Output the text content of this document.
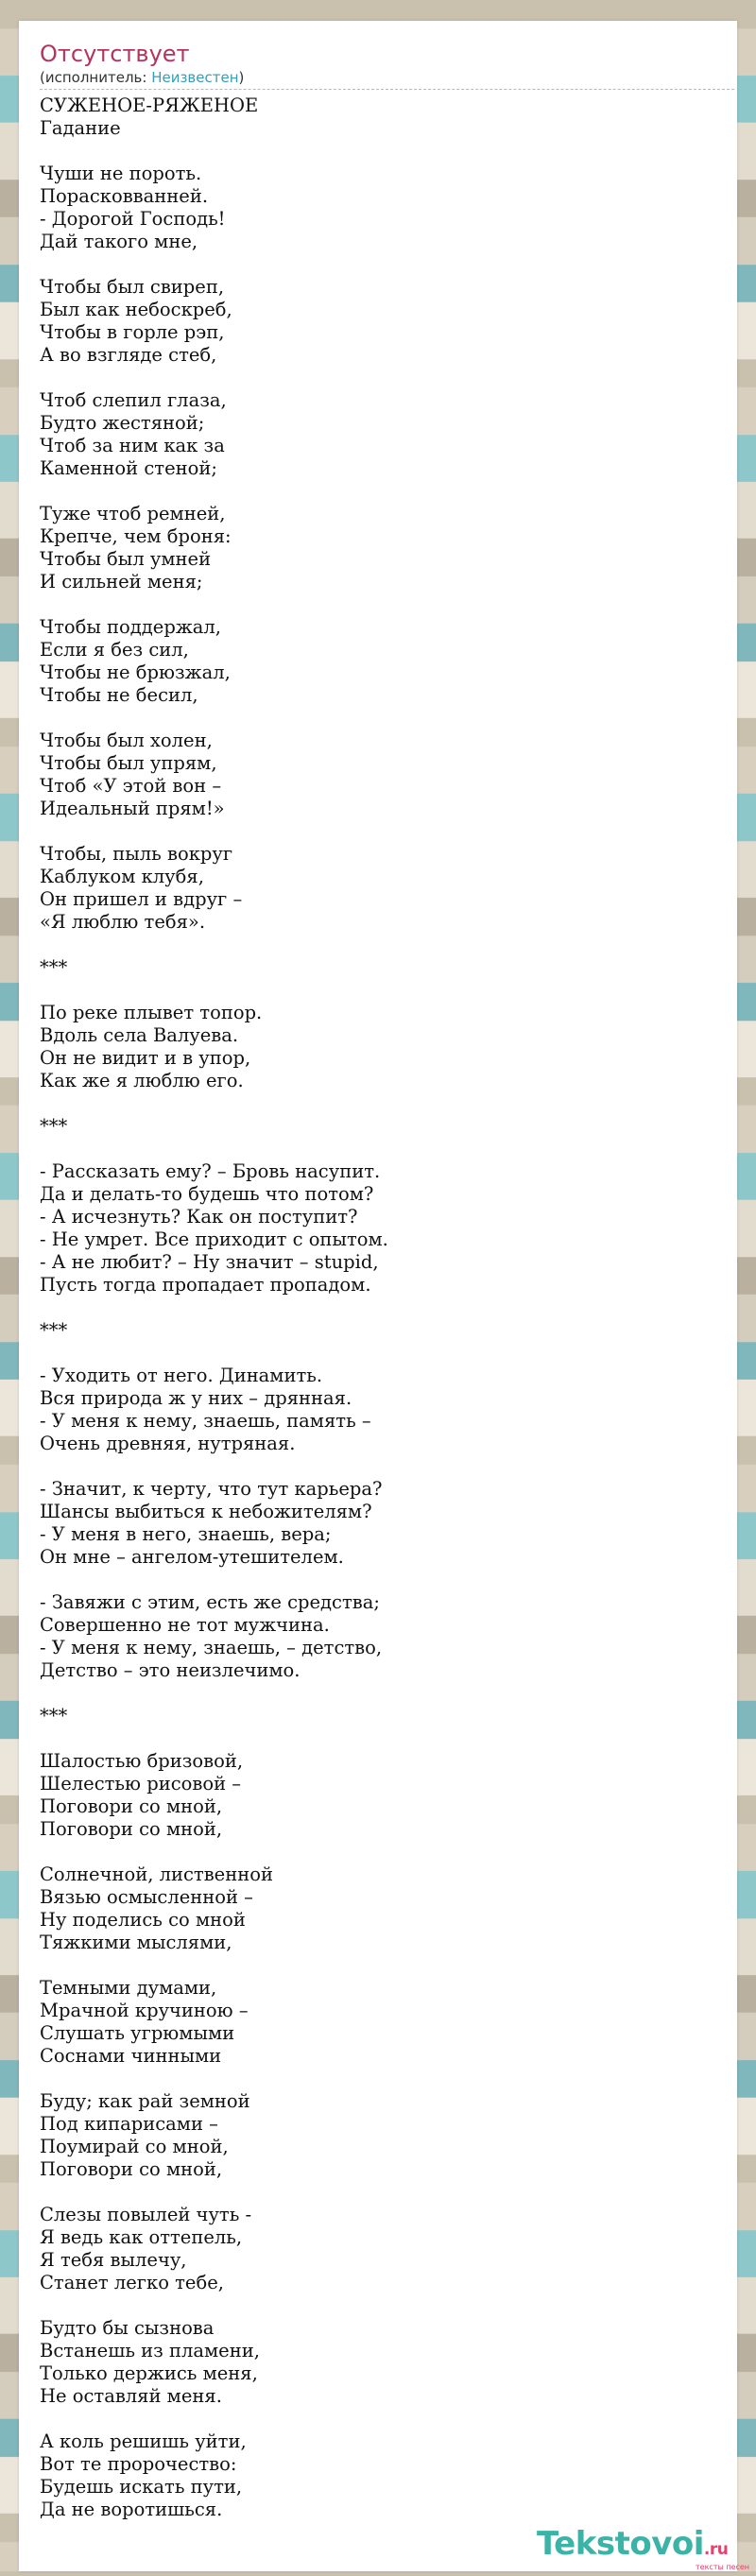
Отсутствует
(исполнитель: Неизвестен)
СУЖЕНОЕ-РЯЖЕНОЕ
Гадание
Чуши не пороть.
Порасковванней.
- Дорогой Господь!
Дай такого мне,
Чтобы был свиреп,
Был как небоскреб,
Чтобы в горле рэп,
А во взгляде стеб,
Чтоб слепил глаза,
Будто жестяной;
Чтоб за ним как за
Каменной стеной;
Туже чтоб ремней,
Крепче, чем броня:
Чтобы был умней
И сильней меня;
Чтобы поддержал,
Если я без сил,
Чтобы не брюзжал,
Чтобы не бесил,
Чтобы был холен,
Чтобы был упрям,
Чтоб «У этой вон –
Идеальный прям!»
Чтобы, пыль вокруг
Каблуком клубя,
Он пришел и вдруг –
«Я люблю тебя».
***
По реке плывет топор.
Вдоль села Валуева.
Он не видит и в упор,
Как же я люблю его.
***
- Рассказать ему? – Бровь насупит.
Да и делать-то будешь что потом?
- А исчезнуть? Как он поступит?
- Не умрет. Все приходит с опытом.
- А не любит? – Ну значит – stupid,
Пусть тогда пропадает пропадом.
***
- Уходить от него. Динамить.
Вся природа ж у них – дрянная.
- У меня к нему, знаешь, память –
Очень древняя, нутряная.
- Значит, к черту, что тут карьера?
Шансы выбиться к небожителям?
- У меня в него, знаешь, вера;
Он мне – ангелом-утешителем.
- Завяжи с этим, есть же средства;
Совершенно не тот мужчина.
- У меня к нему, знаешь, – детство,
Детство – это неизлечимо.
***
Шалостью бризовой,
Шелестью рисовой –
Поговори со мной,
Поговори со мной,
Солнечной, лиственной
Вязью осмысленной –
Ну поделись со мной
Тяжкими мыслями,
Темными думами,
Мрачной кручиною –
Слушать угрюмыми
Соснами чинными
Буду; как рай земной
Под кипарисами –
Поумирай со мной,
Поговори со мной,
Слезы повылей чуть -
Я ведь как оттепель,
Я тебя вылечу,
Станет легко тебе,
Будто бы сызнова
Встанешь из пламени,
Только держись меня,
Не оставляй меня.
А коль решишь уйти,
Вот те пророчество:
Будешь искать пути,
Да не воротишься.
Tekstovoi.ru
тексты песен
